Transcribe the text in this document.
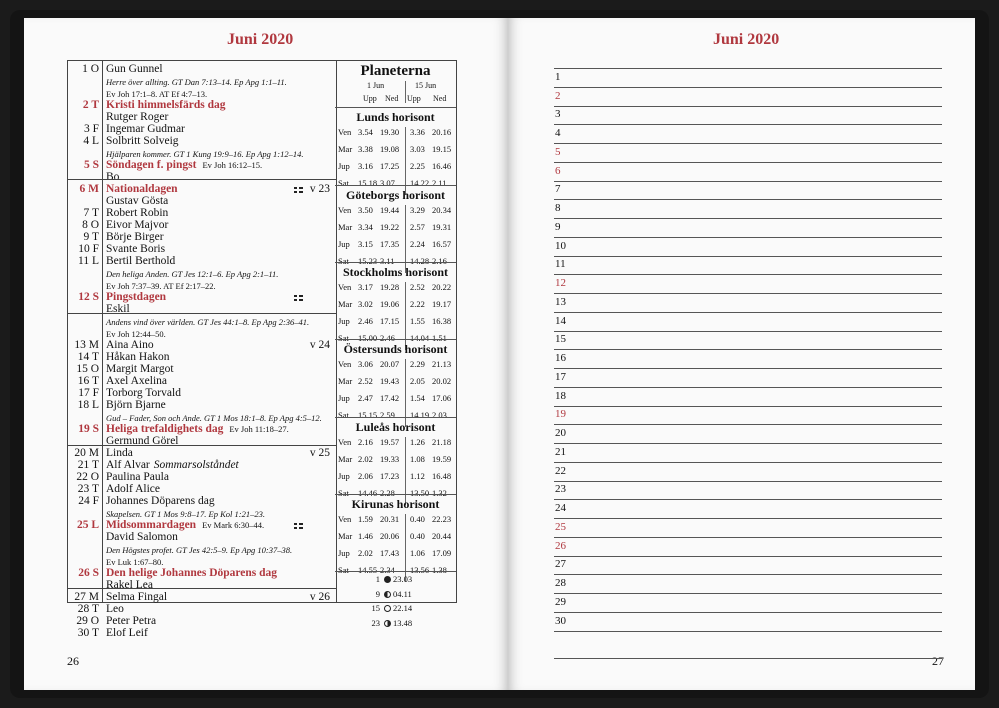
Juni 2020
1 O Gun Gunnel
Herre över allting. GT Dan 7:13–14. Ep Apg 1:1–11.
Ev Joh 17:1–8. AT Ef 4:7–13.
2 T Kristi himmelsfärds dag
Rutger Roger
3 F Ingemar Gudmar
4 L Solbritt Solveig
Hjälparen kommer. GT 1 Kung 19:9–16. Ep Apg 1:12–14.
5 S Söndagen f. pingst Ev Joh 16:12–15.
Bo
6 M Nationaldagen	v 23
Gustav Gösta
7 T Robert Robin
8 O Eivor Majvor
9 T Börje Birger
10 F Svante Boris
11 L Bertil Berthold
Den heliga Anden. GT Jes 12:1–6. Ep Apg 2:1–11.
Ev Joh 7:37–39. AT Ef 2:17–22.
12 S Pingstdagen
Eskil
Andens vind över världen. GT Jes 44:1–8. Ep Apg 2:36–41.
Ev Joh 12:44–50.
13 M Aina Aino	v 24
14 T Håkan Hakon
15 O Margit Margot
16 T Axel Axelina
17 F Torborg Torvald
18 L Björn Bjarne
Gud – Fader, Son och Ande. GT 1 Mos 18:1–8. Ep Apg 4:5–12.
19 S Heliga trefaldighets dag Ev Joh 11:18–27.
Germund Görel
20 M Linda	v 25
21 T Alf Alvar Sommarsolståndet
22 O Paulina Paula
23 T Adolf Alice
24 F Johannes Döparens dag
Skapelsen. GT 1 Mos 9:8–17. Ep Kol 1:21–23.
25 L Midsommardagen Ev Mark 6:30–44.
David Salomon
Den Högstes profet. GT Jes 42:5–9. Ep Apg 10:37–38.
Ev Luk 1:67–80.
26 S Den helige Johannes Döparens dag
Rakel Lea
27 M Selma Fingal	v 26
28 T Leo
29 O Peter Petra
30 T Elof Leif
Planeterna
1 Jun	15 Jun
Upp Ned Upp Ned
Lunds horisont
Ven 3.54 19.30 3.36 20.16
Mar 3.38 19.08 3.03 19.15
Jup 3.16 17.25 2.25 16.46
Sat 15.18 3.07 14.22 2.11
Göteborgs horisont
Ven 3.50 19.44 3.29 20.34
Mar 3.34 19.22 2.57 19.31
Jup 3.15 17.35 2.24 16.57
Sat 15.23 3.11 14.28 2.16
Stockholms horisont
Ven 3.17 19.28 2.52 20.22
Mar 3.02 19.06 2.22 19.17
Jup 2.46 17.15 1.55 16.38
Sat 15.00 2.46 14.04 1.51
Östersunds horisont
Ven 3.06 20.07 2.29 21.13
Mar 2.52 19.43 2.05 20.02
Jup 2.47 17.42 1.54 17.06
Sat 15.15 2.59 14.19 2.03
Luleås horisont
Ven 2.16 19.57 1.26 21.18
Mar 2.02 19.33 1.08 19.59
Jup 2.06 17.23 1.12 16.48
Sat 14.46 2.28 13.50 1.32
Kirunas horisont
Ven 1.59 20.31 0.40 22.23
Mar 1.46 20.06 0.40 20.44
Jup 2.02 17.43 1.06 17.09
Sat 14.55 2.34 13.56 1.38
1 23.03
9 04.11
15 22.14
23 13.48
26
Juni 2020
27
1
2
3
4
5
6
7
8
9
10
11
12
13
14
15
16
17
18
19
20
21
22
23
24
25
26
27
28
29
30
